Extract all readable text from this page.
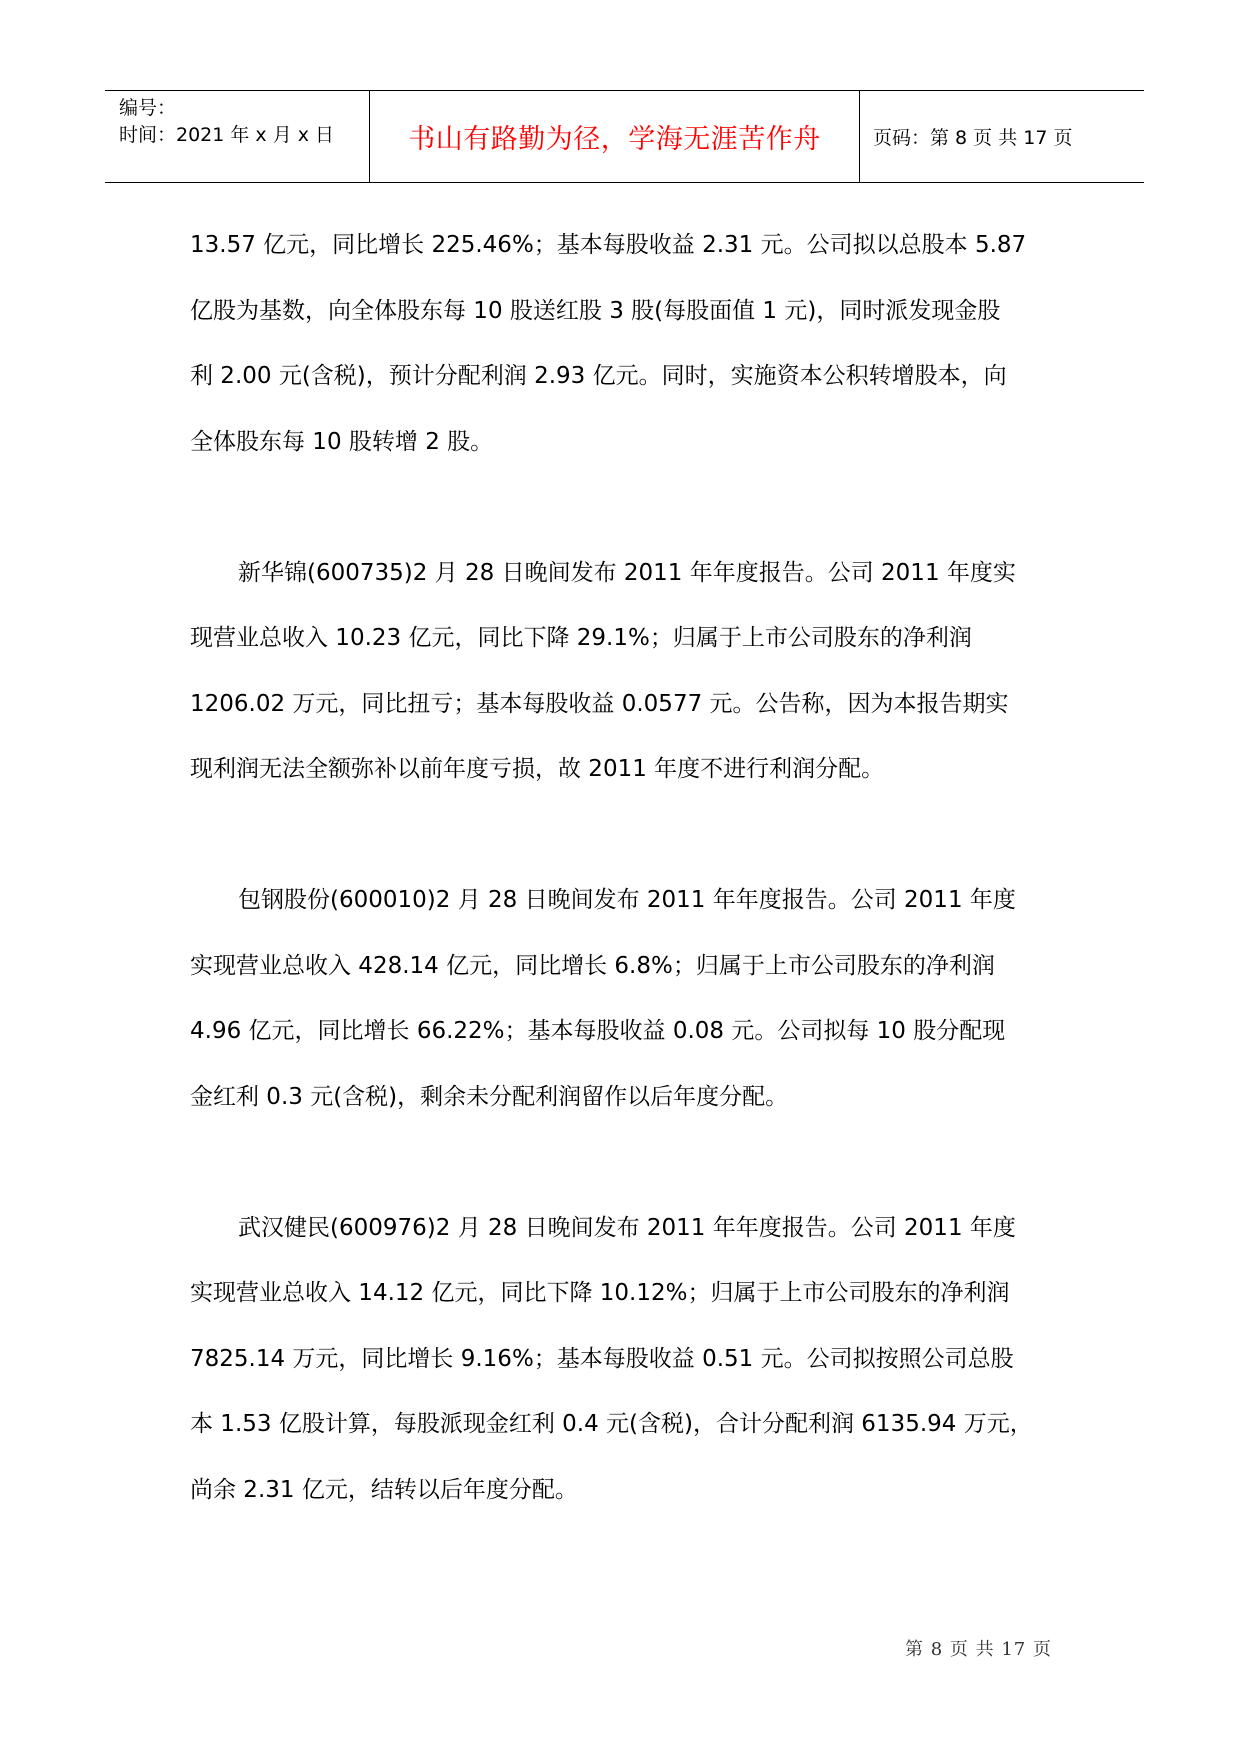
编号：
时间：2021 年 x 月 x 日	书山有路勤为径，学海无涯苦作舟	页码：第 8 页 共 17 页
13.57 亿元，同比增长 225.46%；基本每股收益 2.31 元。公司拟以总股本 5.87
亿股为基数，向全体股东每 10 股送红股 3 股(每股面值 1 元)，同时派发现金股
利 2.00 元(含税)，预计分配利润 2.93 亿元。同时，实施资本公积转增股本，向
全体股东每 10 股转增 2 股。
新华锦(600735)2 月 28 日晚间发布 2011 年年度报告。公司 2011 年度实
现营业总收入 10.23 亿元，同比下降 29.1%；归属于上市公司股东的净利润
1206.02 万元，同比扭亏；基本每股收益 0.0577 元。公告称，因为本报告期实
现利润无法全额弥补以前年度亏损，故 2011 年度不进行利润分配。
包钢股份(600010)2 月 28 日晚间发布 2011 年年度报告。公司 2011 年度
实现营业总收入 428.14 亿元，同比增长 6.8%；归属于上市公司股东的净利润
4.96 亿元，同比增长 66.22%；基本每股收益 0.08 元。公司拟每 10 股分配现
金红利 0.3 元(含税)，剩余未分配利润留作以后年度分配。
武汉健民(600976)2 月 28 日晚间发布 2011 年年度报告。公司 2011 年度
实现营业总收入 14.12 亿元，同比下降 10.12%；归属于上市公司股东的净利润
7825.14 万元，同比增长 9.16%；基本每股收益 0.51 元。公司拟按照公司总股
本 1.53 亿股计算，每股派现金红利 0.4 元(含税)，合计分配利润 6135.94 万元，
尚余 2.31 亿元，结转以后年度分配。
第 8 页 共 17 页
